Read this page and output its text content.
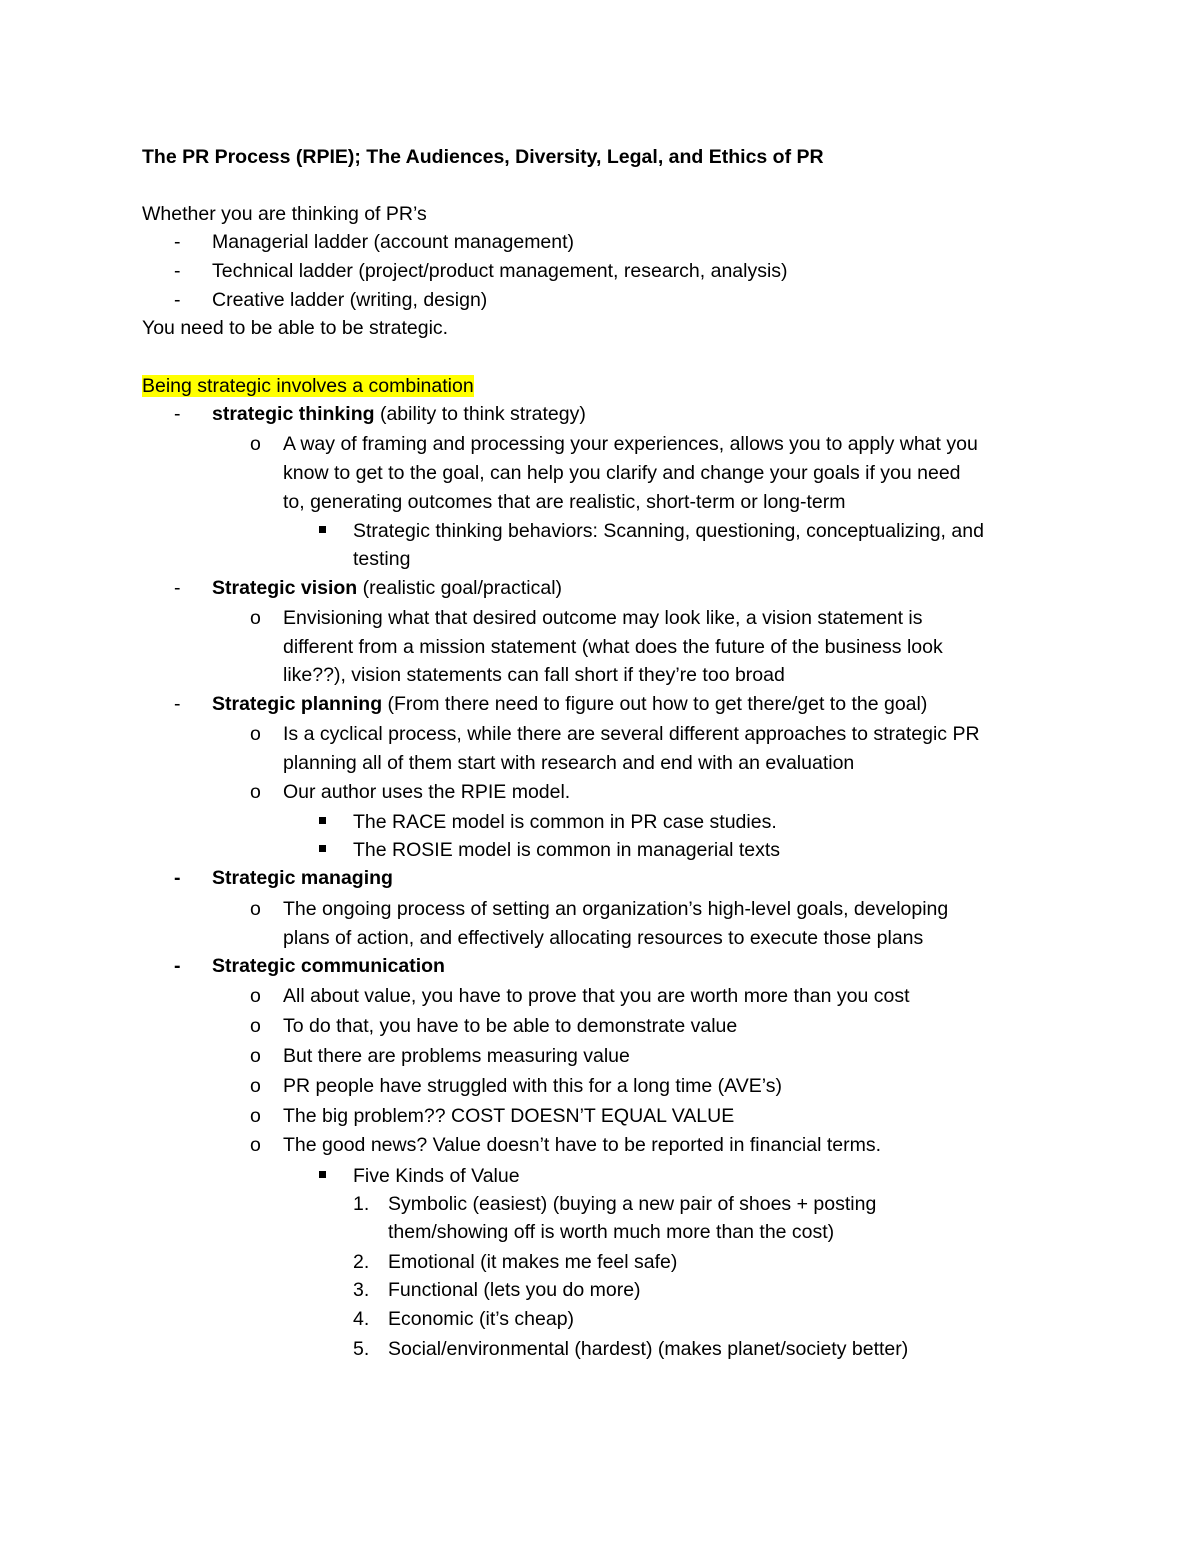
The PR Process (RPIE); The Audiences, Diversity, Legal, and Ethics of PR
Whether you are thinking of PR’s
- Managerial ladder (account management)
- Technical ladder (project/product management, research, analysis)
- Creative ladder (writing, design)
You need to be able to be strategic.
Being strategic involves a combination
- strategic thinking (ability to think strategy)
o A way of framing and processing your experiences, allows you to apply what you
know to get to the goal, can help you clarify and change your goals if you need
to, generating outcomes that are realistic, short-term or long-term
Strategic thinking behaviors: Scanning, questioning, conceptualizing, and
testing
- Strategic vision (realistic goal/practical)
o Envisioning what that desired outcome may look like, a vision statement is
different from a mission statement (what does the future of the business look
like??), vision statements can fall short if they’re too broad
- Strategic planning (From there need to figure out how to get there/get to the goal)
o Is a cyclical process, while there are several different approaches to strategic PR
planning all of them start with research and end with an evaluation
o Our author uses the RPIE model.
The RACE model is common in PR case studies.
The ROSIE model is common in managerial texts
- Strategic managing
o The ongoing process of setting an organization’s high-level goals, developing
plans of action, and effectively allocating resources to execute those plans
- Strategic communication
o All about value, you have to prove that you are worth more than you cost
o To do that, you have to be able to demonstrate value
o But there are problems measuring value
o PR people have struggled with this for a long time (AVE’s)
o The big problem?? COST DOESN’T EQUAL VALUE
o The good news? Value doesn’t have to be reported in financial terms.
Five Kinds of Value
1. Symbolic (easiest) (buying a new pair of shoes + posting
them/showing off is worth much more than the cost)
2. Emotional (it makes me feel safe)
3. Functional (lets you do more)
4. Economic (it’s cheap)
5. Social/environmental (hardest) (makes planet/society better)
